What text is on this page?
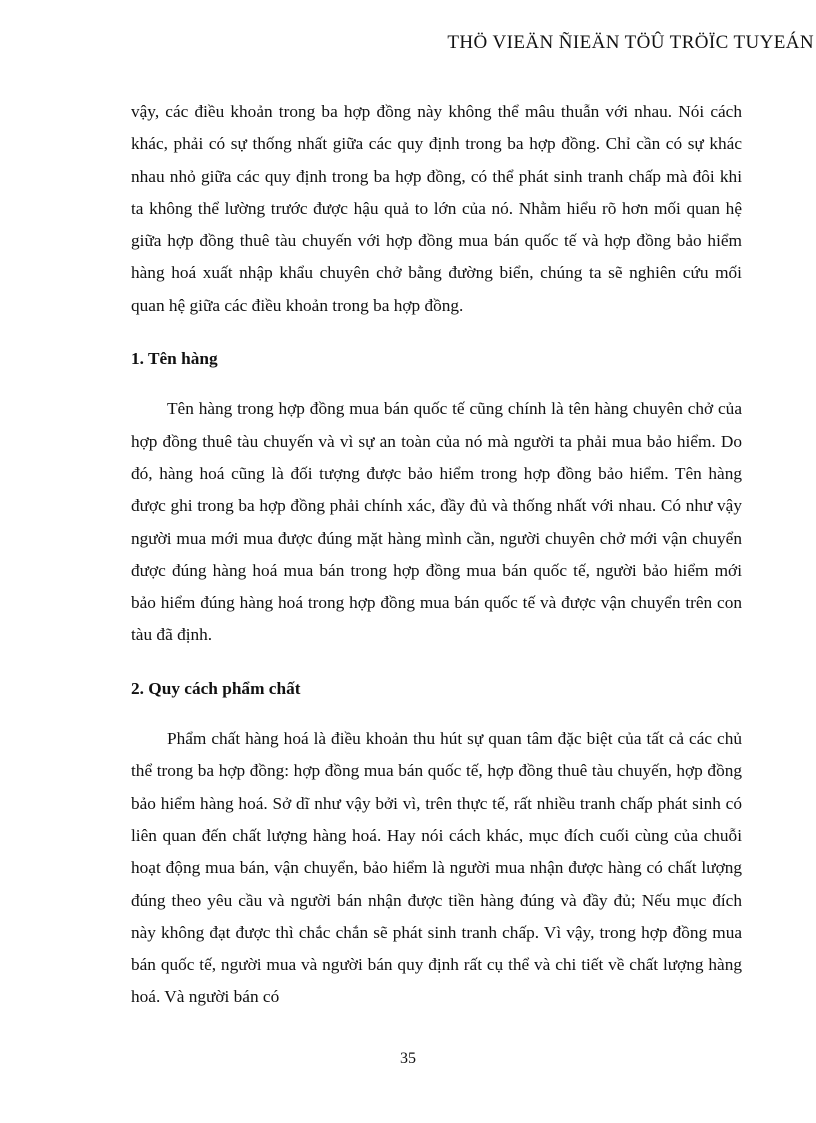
THÖ VIEÄN ÑIEÄN TÖÛ TRÖÏC TUYEÁN

vậy, các điều khoản trong ba hợp đồng này không thể mâu thuẫn với nhau. Nói cách khác, phải có sự thống nhất giữa các quy định trong ba hợp đồng. Chỉ cần có sự khác nhau nhỏ giữa các quy định trong ba hợp đồng, có thể phát sinh tranh chấp mà đôi khi ta không thể lường trước được hậu quả to lớn của nó. Nhằm hiểu rõ hơn mối quan hệ giữa hợp đồng thuê tàu chuyến với hợp đồng mua bán quốc tế và hợp đồng bảo hiểm hàng hoá xuất nhập khẩu chuyên chở bằng đường biển, chúng ta sẽ nghiên cứu mối quan hệ giữa các điều khoản trong ba hợp đồng.

1. Tên hàng

Tên hàng trong hợp đồng mua bán quốc tế cũng chính là tên hàng chuyên chở của hợp đồng thuê tàu chuyến và vì sự an toàn của nó mà người ta phải mua bảo hiểm. Do đó, hàng hoá cũng là đối tượng được bảo hiểm trong hợp đồng bảo hiểm. Tên hàng được ghi trong ba hợp đồng phải chính xác, đầy đủ và thống nhất với nhau. Có như vậy người mua mới mua được đúng mặt hàng mình cần, người chuyên chở mới vận chuyển được đúng hàng hoá mua bán trong hợp đồng mua bán quốc tế, người bảo hiểm mới bảo hiểm đúng hàng hoá trong hợp đồng mua bán quốc tế và được vận chuyển trên con tàu đã định.

2. Quy cách phẩm chất

Phẩm chất hàng hoá là điều khoản thu hút sự quan tâm đặc biệt của tất cả các chủ thể trong ba hợp đồng: hợp đồng mua bán quốc tế, hợp đồng thuê tàu chuyến, hợp đồng bảo hiểm hàng hoá. Sở dĩ như vậy bởi vì, trên thực tế, rất nhiều tranh chấp phát sinh có liên quan đến chất lượng hàng hoá. Hay nói cách khác, mục đích cuối cùng của chuỗi hoạt động mua bán, vận chuyển, bảo hiểm là người mua nhận được hàng có chất lượng đúng theo yêu cầu và người bán nhận được tiền hàng đúng và đầy đủ; Nếu mục đích này không đạt được thì chắc chắn sẽ phát sinh tranh chấp. Vì vậy, trong hợp đồng mua bán quốc tế, người mua và người bán quy định rất cụ thể và chi tiết về chất lượng hàng hoá. Và người bán có

35
